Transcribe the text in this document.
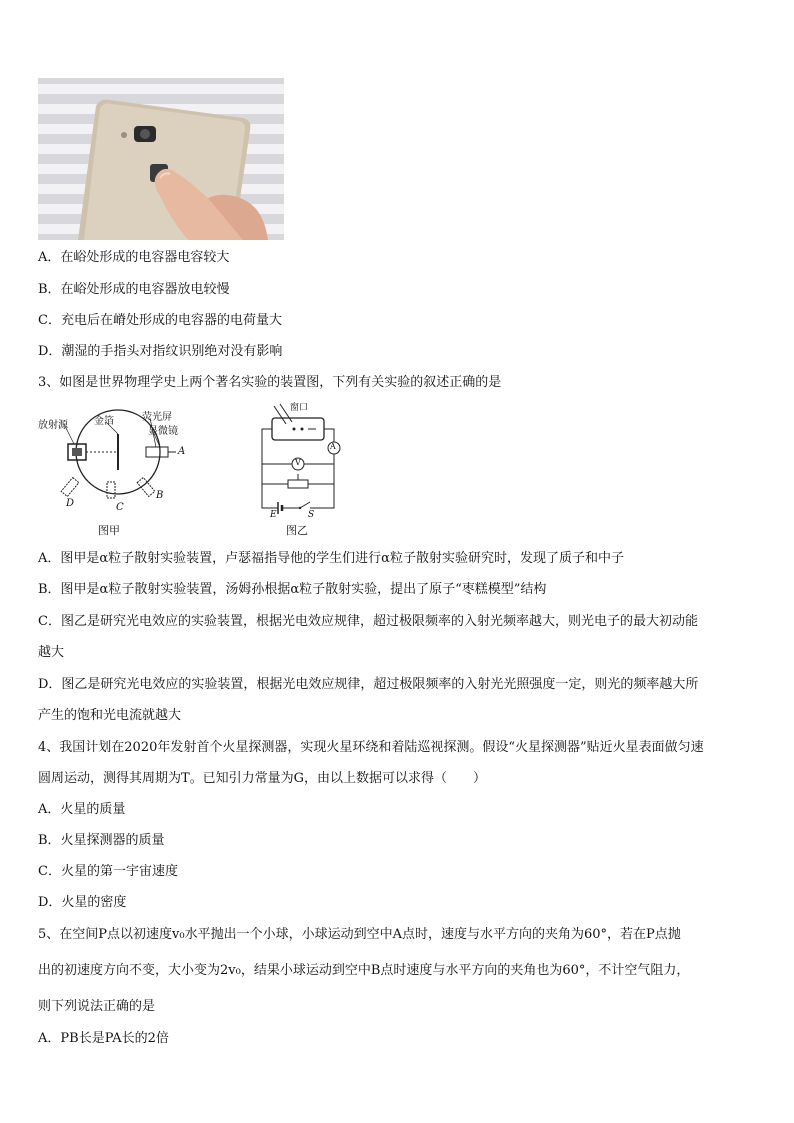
A．在峪处形成的电容器电容较大
B．在峪处形成的电容器放电较慢
C．充电后在嵴处形成的电容器的电荷量大
D．潮湿的手指头对指纹识别绝对没有影响
3、如图是世界物理学史上两个著名实验的装置图，下列有关实验的叙述正确的是
放射源	金箔	荧光屏
显微镜
A
B
C
D
图甲
窗口
A
V
E	S
图乙
A．图甲是α粒子散射实验装置，卢瑟福指导他的学生们进行α粒子散射实验研究时，发现了质子和中子
B．图甲是α粒子散射实验装置，汤姆孙根据α粒子散射实验，提出了原子“枣糕模型”结构
C．图乙是研究光电效应的实验装置，根据光电效应规律，超过极限频率的入射光频率越大，则光电子的最大初动能
越大
D．图乙是研究光电效应的实验装置，根据光电效应规律，超过极限频率的入射光光照强度一定，则光的频率越大所
产生的饱和光电流就越大
4、我国计划在2020年发射首个火星探测器，实现火星环绕和着陆巡视探测。假设“火星探测器”贴近火星表面做匀速
圆周运动，测得其周期为T。已知引力常量为G，由以上数据可以求得（　　）
A．火星的质量
B．火星探测器的质量
C．火星的第一宇宙速度
D．火星的密度
5、在空间P点以初速度v₀水平抛出一个小球，小球运动到空中A点时，速度与水平方向的夹角为60°，若在P点抛
出的初速度方向不变，大小变为2v₀，结果小球运动到空中B点时速度与水平方向的夹角也为60°，不计空气阻力，
则下列说法正确的是
A．PB长是PA长的2倍
